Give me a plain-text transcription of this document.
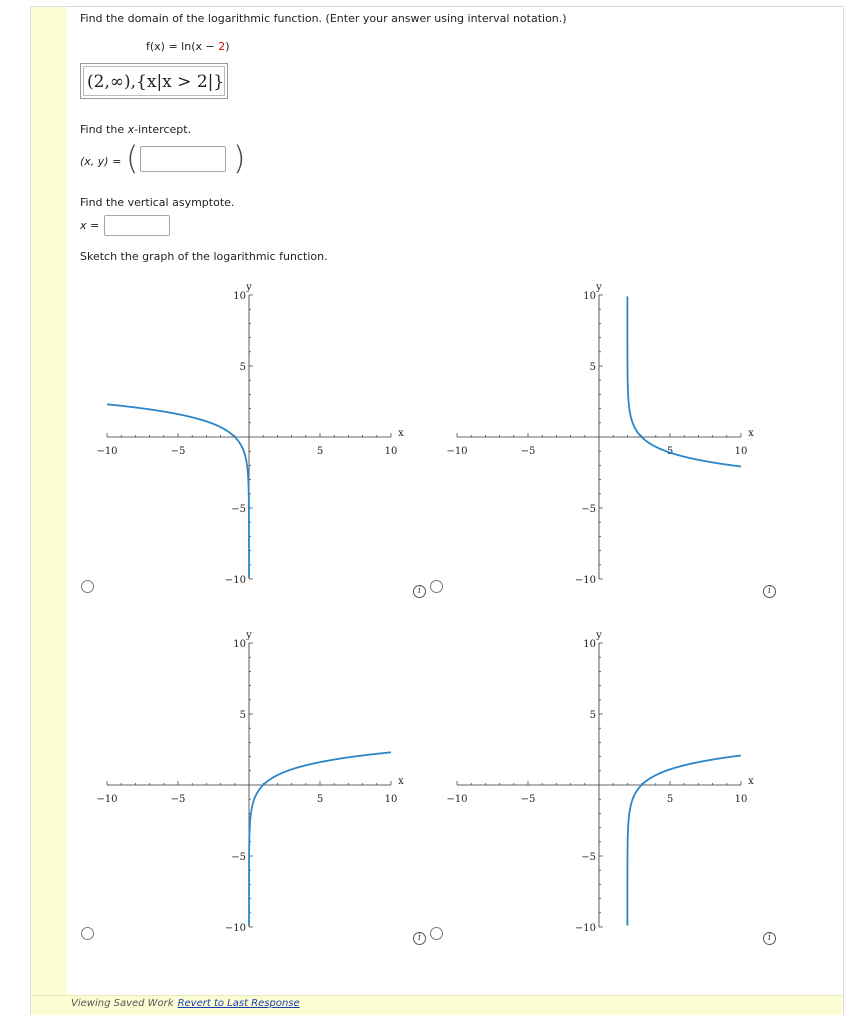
Find the domain of the logarithmic function. (Enter your answer using interval notation.)
f(x) = ln(x − 2)
(2,∞),{x|x > 2|}
Find the x-intercept.
(x, y) = (	)
Find the vertical asymptote.
x =
Sketch the graph of the logarithmic function.
−10	−5	5	10
10
5
−5
−10
x
y
−10	−5	5	10
10
5
−5
−10
x
y
−10	−5	5	10
10
5
−5
−10
x
y
−10	−5	5	10
10
5
−5
−10
x
y
i	i
i	i
Viewing Saved Work Revert to Last Response
